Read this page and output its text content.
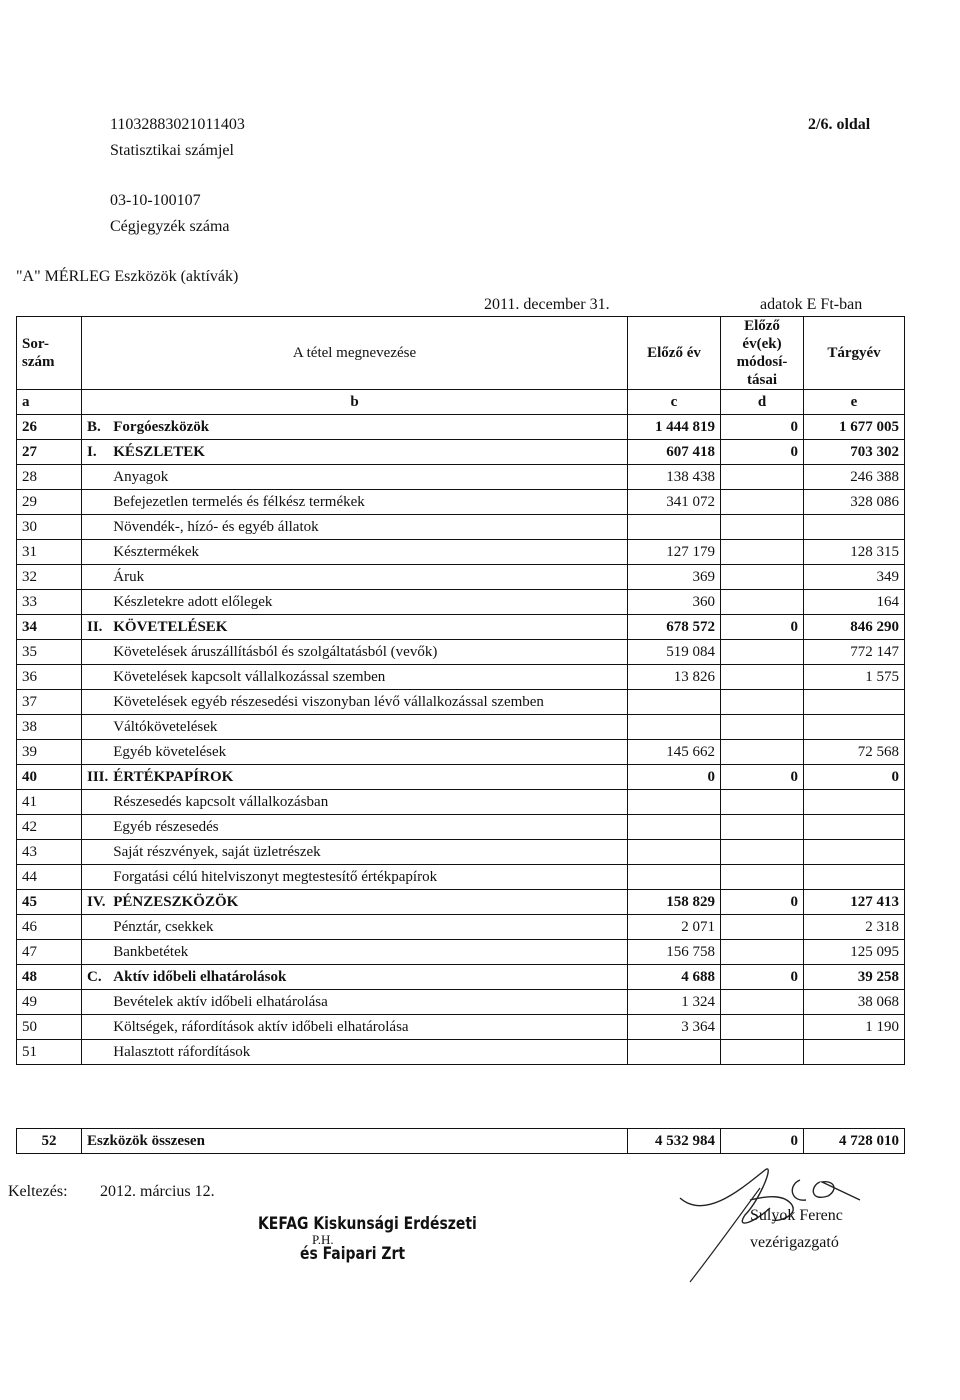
11032883021011403
Statisztikai számjel
03-10-100107
Cégjegyzék száma
2/6. oldal
"A" MÉRLEG Eszközök (aktívák)
2011. december 31.	adatok E Ft-ban
Sor-szám	A tétel megnevezése		Előző év	Előző év(ek) módosí-tásai	Tárgyév
a	b		c	d	e
26	B.	Forgóeszközök	1 444 819	0	1 677 005
27	I.	KÉSZLETEK	607 418	0	703 302
28		Anyagok	138 438		246 388
29		Befejezetlen termelés és félkész termékek	341 072		328 086
30		Növendék-, hízó- és egyéb állatok			
31		Késztermékek	127 179		128 315
32		Áruk	369		349
33		Készletekre adott előlegek	360		164
34	II.	KÖVETELÉSEK	678 572	0	846 290
35		Követelések áruszállításból és szolgáltatásból (vevők)	519 084		772 147
36		Követelések kapcsolt vállalkozással szemben	13 826		1 575
37		Követelések egyéb részesedési viszonyban lévő vállalkozással szemben			
38		Váltókövetelések			
39		Egyéb követelések	145 662		72 568
40	III.	ÉRTÉKPAPÍROK	0	0	0
41		Részesedés kapcsolt vállalkozásban			
42		Egyéb részesedés			
43		Saját részvények, saját üzletrészek			
44		Forgatási célú hitelviszonyt megtestesítő értékpapírok			
45	IV.	PÉNZESZKÖZÖK	158 829	0	127 413
46		Pénztár, csekkek	2 071		2 318
47		Bankbetétek	156 758		125 095
48	C.	Aktív időbeli elhatárolások	4 688	0	39 258
49		Bevételek aktív időbeli elhatárolása	1 324		38 068
50		Költségek, ráfordítások aktív időbeli elhatárolása	3 364		1 190
51		Halasztott ráfordítások			
52	Eszközök összesen	4 532 984	0	4 728 010
Keltezés: 2012. március 12.
KEFAG Kiskunsági Erdészeti
P.H.
és Faipari Zrt
Sulyok Ferenc
vezérigazgató
